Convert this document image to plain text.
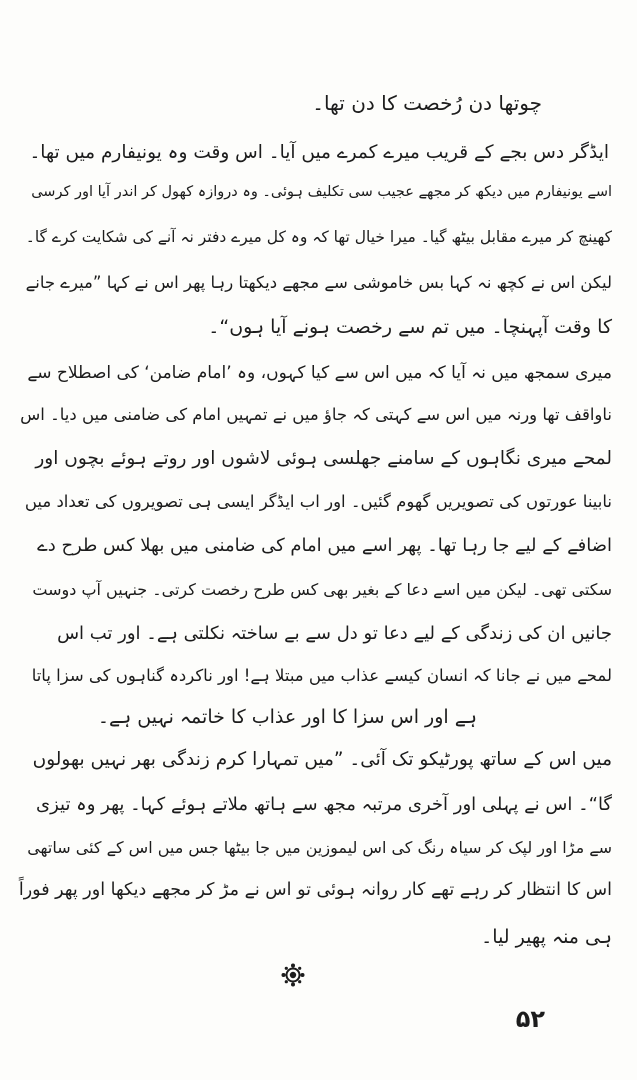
چوتھا دن رُخصت کا دن تھا۔
ایڈگر دس بجے کے قریب میرے کمرے میں آیا۔ اس وقت وہ یونیفارم میں تھا۔
اسے یونیفارم میں دیکھ کر مجھے عجیب سی تکلیف ہوئی۔ وہ دروازہ کھول کر اندر آیا اور کرسی
کھینچ کر میرے مقابل بیٹھ گیا۔ میرا خیال تھا کہ وہ کل میرے دفتر نہ آنے کی شکایت کرے گا۔
لیکن اس نے کچھ نہ کہا بس خاموشی سے مجھے دیکھتا رہا پھر اس نے کہا ”میرے جانے
کا وقت آپہنچا۔ میں تم سے رخصت ہونے آیا ہوں“۔
میری سمجھ میں نہ آیا کہ میں اس سے کیا کہوں، وہ ’امام ضامن‘ کی اصطلاح سے
ناواقف تھا ورنہ میں اس سے کہتی کہ جاؤ میں نے تمہیں امام کی ضامنی میں دیا۔ اس
لمحے میری نگاہوں کے سامنے جھلسی ہوئی لاشوں اور روتے ہوئے بچوں اور
نابینا عورتوں کی تصویریں گھوم گئیں۔ اور اب ایڈگر ایسی ہی تصویروں کی تعداد میں
اضافے کے لیے جا رہا تھا۔ پھر اسے میں امام کی ضامنی میں بھلا کس طرح دے
سکتی تھی۔ لیکن میں اسے دعا کے بغیر بھی کس طرح رخصت کرتی۔ جنہیں آپ دوست
جانیں ان کی زندگی کے لیے دعا تو دل سے بے ساختہ نکلتی ہے۔ اور تب اس
لمحے میں نے جانا کہ انسان کیسے عذاب میں مبتلا ہے! اور ناکردہ گناہوں کی سزا پاتا
ہے اور اس سزا کا اور عذاب کا خاتمہ نہیں ہے۔
میں اس کے ساتھ پورٹیکو تک آئی۔ ”میں تمہارا کرم زندگی بھر نہیں بھولوں
گا“۔ اس نے پہلی اور آخری مرتبہ مجھ سے ہاتھ ملاتے ہوئے کہا۔ پھر وہ تیزی
سے مڑا اور لپک کر سیاہ رنگ کی اس لیموزین میں جا بیٹھا جس میں اس کے کئی ساتھی
اس کا انتظار کر رہے تھے کار روانہ ہوئی تو اس نے مڑ کر مجھے دیکھا اور پھر فوراً
ہی منہ پھیر لیا۔
۵۲
